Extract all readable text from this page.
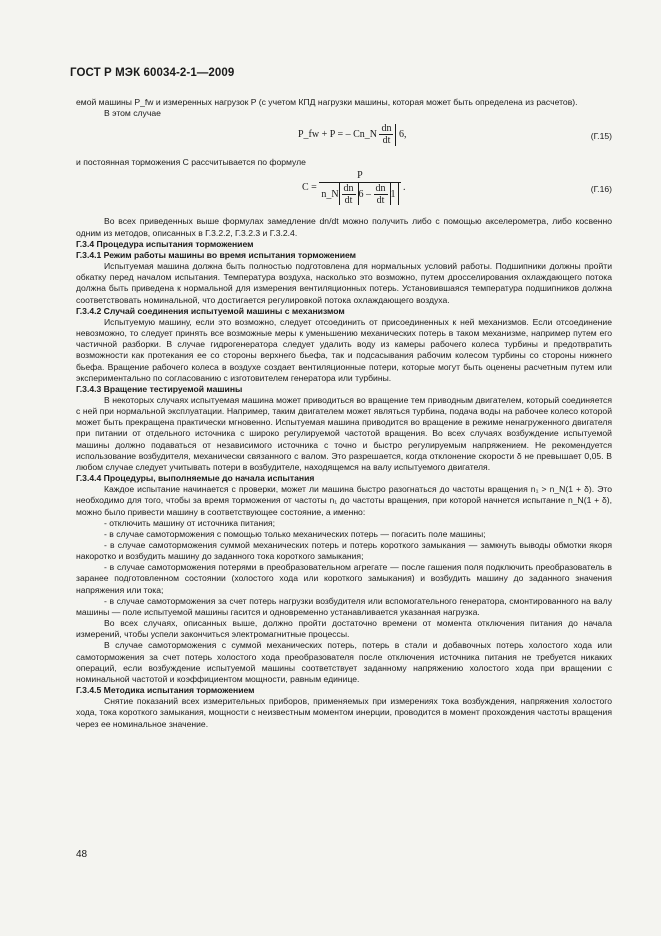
ГОСТ Р МЭК 60034-2-1—2009

емой машины P_fw и измеренных нагрузок P (с учетом КПД нагрузки машины, которая может быть определена из расчетов).

В этом случае

P_fw + P = – Cn_N $\frac{dn}{dt} 6$,	(Г.15)

и постоянная торможения C рассчитывается по формуле

$C = \frac{P}{n\_N \frac{dn}{dt} 6 - \frac{dn}{dt} 1}$ .	(Г.16)

Во всех приведенных выше формулах замедление dn/dt можно получить либо с помощью акселерометра, либо косвенно одним из методов, описанных в Г.3.2.2, Г.3.2.3 и Г.3.2.4.

Г.3.4 Процедура испытания торможением

Г.3.4.1 Режим работы машины во время испытания торможением

Испытуемая машина должна быть полностью подготовлена для нормальных условий работы. Подшипники должны пройти обкатку перед началом испытания. Температура воздуха, насколько это возможно, путем дросселирования охлаждающего потока должна быть приведена к нормальной для измерения вентиляционных потерь. Установившаяся температура подшипников должна соответствовать номинальной, что достигается регулировкой потока охлаждающего воздуха.

Г.3.4.2 Случай соединения испытуемой машины с механизмом

Испытуемую машину, если это возможно, следует отсоединить от присоединенных к ней механизмов. Если отсоединение невозможно, то следует принять все возможные меры к уменьшению механических потерь в таком механизме, например путем его частичной разборки. В случае гидрогенератора следует удалить воду из камеры рабочего колеса турбины и предотвратить возможности как протекания ее со стороны верхнего бьефа, так и подсасывания рабочим колесом турбины со стороны нижнего бьефа. Вращение рабочего колеса в воздухе создает вентиляционные потери, которые могут быть оценены расчетным путем или экспериментально по согласованию с изготовителем генератора или турбины.

Г.3.4.3 Вращение тестируемой машины

В некоторых случаях испытуемая машина может приводиться во вращение тем приводным двигателем, который соединяется с ней при нормальной эксплуатации. Например, таким двигателем может являться турбина, подача воды на рабочее колесо которой может быть прекращена практически мгновенно. Испытуемая машина приводится во вращение в режиме ненагруженного двигателя при питании от отдельного источника с широко регулируемой частотой вращения. Во всех случаях возбуждение испытуемой машины должно подаваться от независимого источника с точно и быстро регулируемым напряжением. Не рекомендуется использование возбудителя, механически связанного с валом. Это разрешается, когда отклонение скорости δ не превышает 0,05. В любом случае следует учитывать потери в возбудителе, находящемся на валу испытуемого двигателя.

Г.3.4.4 Процедуры, выполняемые до начала испытания

Каждое испытание начинается с проверки, может ли машина быстро разогнаться до частоты вращения n₁ > n_N(1 + δ). Это необходимо для того, чтобы за время торможения от частоты n₁ до частоты вращения, при которой начнется испытание n_N(1 + δ), можно было привести машину в соответствующее состояние, а именно:

- отключить машину от источника питания;

- в случае самоторможения с помощью только механических потерь — погасить поле машины;

- в случае самоторможения суммой механических потерь и потерь короткого замыкания — замкнуть выводы обмотки якоря накоротко и возбудить машину до заданного тока короткого замыкания;

- в случае самоторможения потерями в преобразовательном агрегате — после гашения поля подключить преобразователь в заранее подготовленном состоянии (холостого хода или короткого замыкания) и возбудить машину до заданного значения напряжения или тока;

- в случае самоторможения за счет потерь нагрузки возбудителя или вспомогательного генератора, смонтированного на валу машины — поле испытуемой машины гасится и одновременно устанавливается указанная нагрузка.

Во всех случаях, описанных выше, должно пройти достаточно времени от момента отключения питания до начала измерений, чтобы успели закончиться электромагнитные процессы.

В случае самоторможения с суммой механических потерь, потерь в стали и добавочных потерь холостого хода или самоторможения за счет потерь холостого хода преобразователя после отключения источника питания не требуется никаких операций, если возбуждение испытуемой машины соответствует заданному напряжению холостого хода при вращении с номинальной частотой и коэффициентом мощности, равным единице.

Г.3.4.5 Методика испытания торможением

Снятие показаний всех измерительных приборов, применяемых при измерениях тока возбуждения, напряжения холостого хода, тока короткого замыкания, мощности с неизвестным моментом инерции, проводится в момент прохождения частоты вращения через ее номинальное значение.

48
